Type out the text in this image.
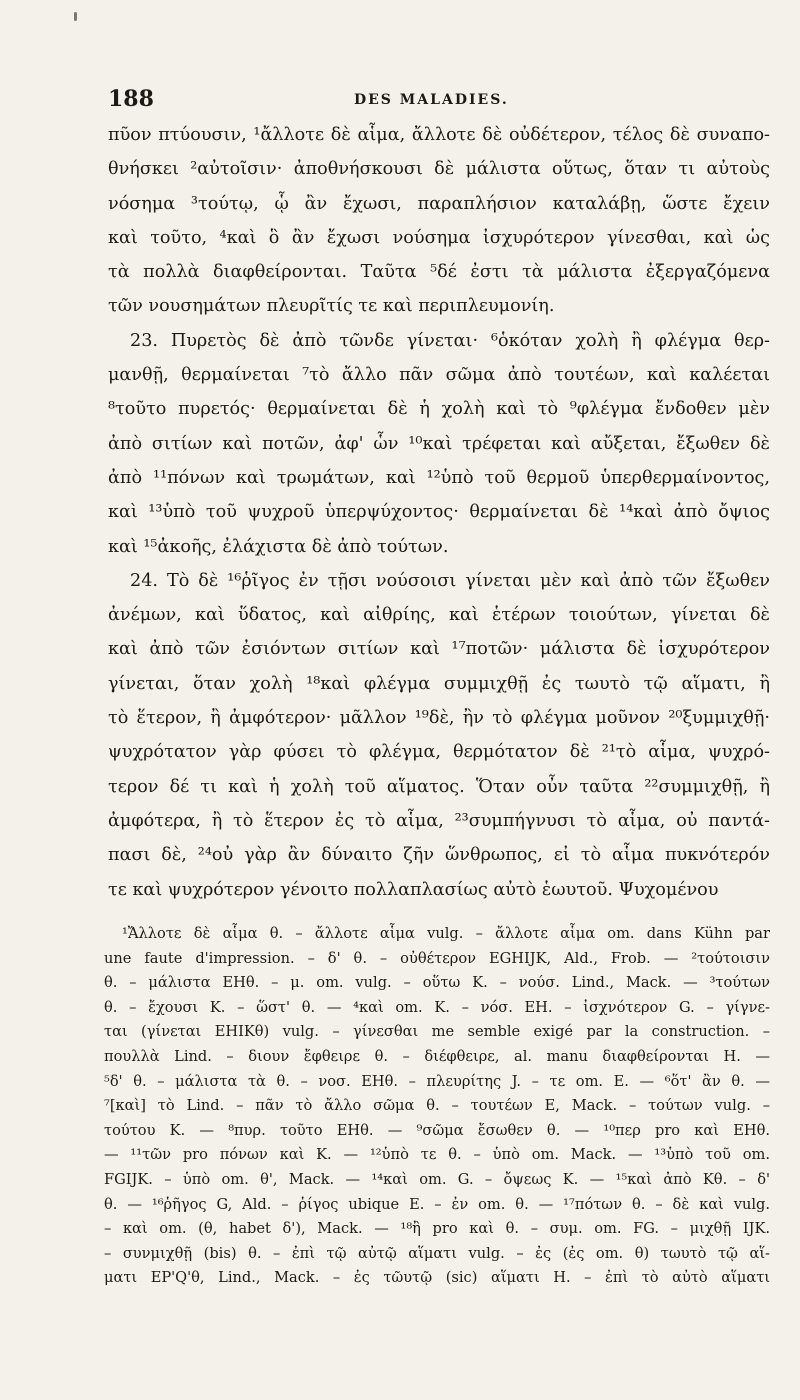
188	DES MALADIES.
πῦον πτύουσιν, ¹ἄλλοτε δὲ αἷμα, ἄλλοτε δὲ οὐδέτερον, τέλος δὲ συναπο-
θνήσκει ²αὐτοῖσιν· ἀποθνήσκουσι δὲ μάλιστα οὕτως, ὅταν τι αὐτοὺς
νόσημα ³τούτῳ, ᾧ ἂν ἔχωσι, παραπλήσιον καταλάβῃ, ὥστε ἔχειν
καὶ τοῦτο, ⁴καὶ ὃ ἂν ἔχωσι νούσημα ἰσχυρότερον γίνεσθαι, καὶ ὡς
τὰ πολλὰ διαφθείρονται. Ταῦτα ⁵δέ ἐστι τὰ μάλιστα ἐξεργαζόμενα
τῶν νουσημάτων πλευρῖτίς τε καὶ περιπλευμονίη.
23. Πυρετὸς δὲ ἀπὸ τῶνδε γίνεται· ⁶ὁκόταν χολὴ ἢ φλέγμα θερ-
μανθῇ, θερμαίνεται ⁷τὸ ἄλλο πᾶν σῶμα ἀπὸ τουτέων, καὶ καλέεται
⁸τοῦτο πυρετός· θερμαίνεται δὲ ἡ χολὴ καὶ τὸ ⁹φλέγμα ἔνδοθεν μὲν
ἀπὸ σιτίων καὶ ποτῶν, ἀφ' ὧν ¹⁰καὶ τρέφεται καὶ αὔξεται, ἔξωθεν δὲ
ἀπὸ ¹¹πόνων καὶ τρωμάτων, καὶ ¹²ὑπὸ τοῦ θερμοῦ ὑπερθερμαίνοντος,
καὶ ¹³ὑπὸ τοῦ ψυχροῦ ὑπερψύχοντος· θερμαίνεται δὲ ¹⁴καὶ ἀπὸ ὄψιος
καὶ ¹⁵ἀκοῆς, ἐλάχιστα δὲ ἀπὸ τούτων.
24. Τὸ δὲ ¹⁶ῥῖγος ἐν τῇσι νούσοισι γίνεται μὲν καὶ ἀπὸ τῶν ἔξωθεν
ἀνέμων, καὶ ὕδατος, καὶ αἰθρίης, καὶ ἑτέρων τοιούτων, γίνεται δὲ
καὶ ἀπὸ τῶν ἐσιόντων σιτίων καὶ ¹⁷ποτῶν· μάλιστα δὲ ἰσχυρότερον
γίνεται, ὅταν χολὴ ¹⁸καὶ φλέγμα συμμιχθῇ ἐς τωυτὸ τῷ αἵματι, ἢ
τὸ ἕτερον, ἢ ἀμφότερον· μᾶλλον ¹⁹δὲ, ἢν τὸ φλέγμα μοῦνον ²⁰ξυμμιχθῇ·
ψυχρότατον γὰρ φύσει τὸ φλέγμα, θερμότατον δὲ ²¹τὸ αἷμα, ψυχρό-
τερον δέ τι καὶ ἡ χολὴ τοῦ αἵματος. Ὅταν οὖν ταῦτα ²²συμμιχθῇ, ἢ
ἀμφότερα, ἢ τὸ ἕτερον ἐς τὸ αἷμα, ²³συμπήγνυσι τὸ αἷμα, οὐ παντά-
πασι δὲ, ²⁴οὐ γὰρ ἂν δύναιτο ζῆν ὥνθρωπος, εἰ τὸ αἷμα πυκνότερόν
τε καὶ ψυχρότερον γένοιτο πολλαπλασίως αὐτὸ ἑωυτοῦ. Ψυχομένου
¹Ἄλλοτε δὲ αἷμα θ. – ἄλλοτε αἷμα vulg. – ἄλλοτε αἷμα om. dans Kühn par
une faute d'impression. – δ' θ. – οὐθέτερον EGHIJK, Ald., Frob. — ²τούτοισιν
θ. – μάλιστα EHθ. – μ. om. vulg. – οὕτω K. – νούσ. Lind., Mack. — ³τούτων
θ. – ἔχουσι K. – ὥστ' θ. — ⁴καὶ om. K. – νόσ. EH. – ἰσχνότερον G. – γίγνε-
ται (γίνεται EHIKθ) vulg. – γίνεσθαι me semble exigé par la construction. –
πουλλὰ Lind. – διουν ἔφθειρε θ. – διέφθειρε, al. manu διαφθείρονται H. —
⁵δ' θ. – μάλιστα τὰ θ. – νοσ. EHθ. – πλευρίτης J. – τε om. E. — ⁶ὅτ' ἂν θ. —
⁷[καὶ] τὸ Lind. – πᾶν τὸ ἄλλο σῶμα θ. – τουτέων E, Mack. – τούτων vulg. –
τούτου K. — ⁸πυρ. τοῦτο EHθ. — ⁹σῶμα ἔσωθεν θ. — ¹⁰περ pro καὶ EHθ.
— ¹¹τῶν pro πόνων καὶ K. — ¹²ὑπὸ τε θ. – ὑπὸ om. Mack. — ¹³ὑπὸ τοῦ om.
FGIJK. – ὑπὸ om. θ', Mack. — ¹⁴καὶ om. G. – ὄψεως K. — ¹⁵καὶ ἀπὸ Kθ. – δ'
θ. — ¹⁶ῥῆγος G, Ald. – ῥίγος ubique E. – ἐν om. θ. — ¹⁷πότων θ. – δὲ καὶ vulg.
– καὶ om. (θ, habet δ'), Mack. — ¹⁸ἢ pro καὶ θ. – συμ. om. FG. – μιχθῇ IJK.
– συνμιχθῇ (bis) θ. – ἐπὶ τῷ αὐτῷ αἵματι vulg. – ἐς (ἐς om. θ) τωυτὸ τῷ αἵ-
ματι EP'Q'θ, Lind., Mack. – ἐς τῶυτῷ (sic) αἵματι H. – ἐπὶ τὸ αὐτὸ αἵματι
